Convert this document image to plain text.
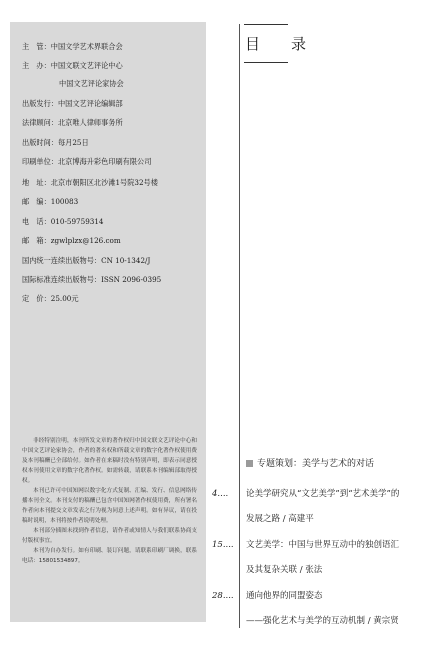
主　管：中国文学艺术界联合会
主　办：中国文联文艺评论中心
中国文艺评论家协会
出版发行：中国文艺评论编辑部
法律顾问：北京唯人律师事务所
出版时间：每月25日
印刷单位：北京博海升彩色印刷有限公司
地　址：北京市朝阳区北沙滩1号院32号楼
邮　编：100083
电　话：010-59759314
邮　箱：zgwlplzx@126.com
国内统一连续出版物号：CN 10-1342/J
国际标准连续出版物号：ISSN 2096-0395
定　价：25.00元

非经特别注明，本刊所发文章的著作权归中国文联文艺评论中心和中国文艺评论家协会，作者的著名权和所载文章的数字化著作权使用费及本刊稿酬已全部给付。如作者在来稿时没有特别声明，即表示同意授权本刊使用文章的数字化著作权。如需转载，请联系本刊编辑部取得授权。

本刊已许可中国知网以数字化方式复制、汇编、发行、信息网络传播本刊全文。本刊支付的稿酬已包含中国知网著作权使用费，所有署名作者向本刊提交文章发表之行为视为同意上述声明。如有异议，请在投稿时说明，本刊将按作者说明处理。

本刊部分插图未找到作者信息，请作者或知情人与我们联系协商支付版权事宜。

本刊为自办发行。如有印刷、装订问题，请联系印刷厂调换，联系电话：15801534897。

目　录
专题策划：美学与艺术的对话
4....	论美学研究从“文艺美学”到“艺术美学”的
发展之路 / 高建平
15.... 文艺美学：中国与世界互动中的独创语汇
及其复杂关联 / 张法
28.... 通向他界的同盟姿态
——强化艺术与美学的互动机制 / 黄宗贤
